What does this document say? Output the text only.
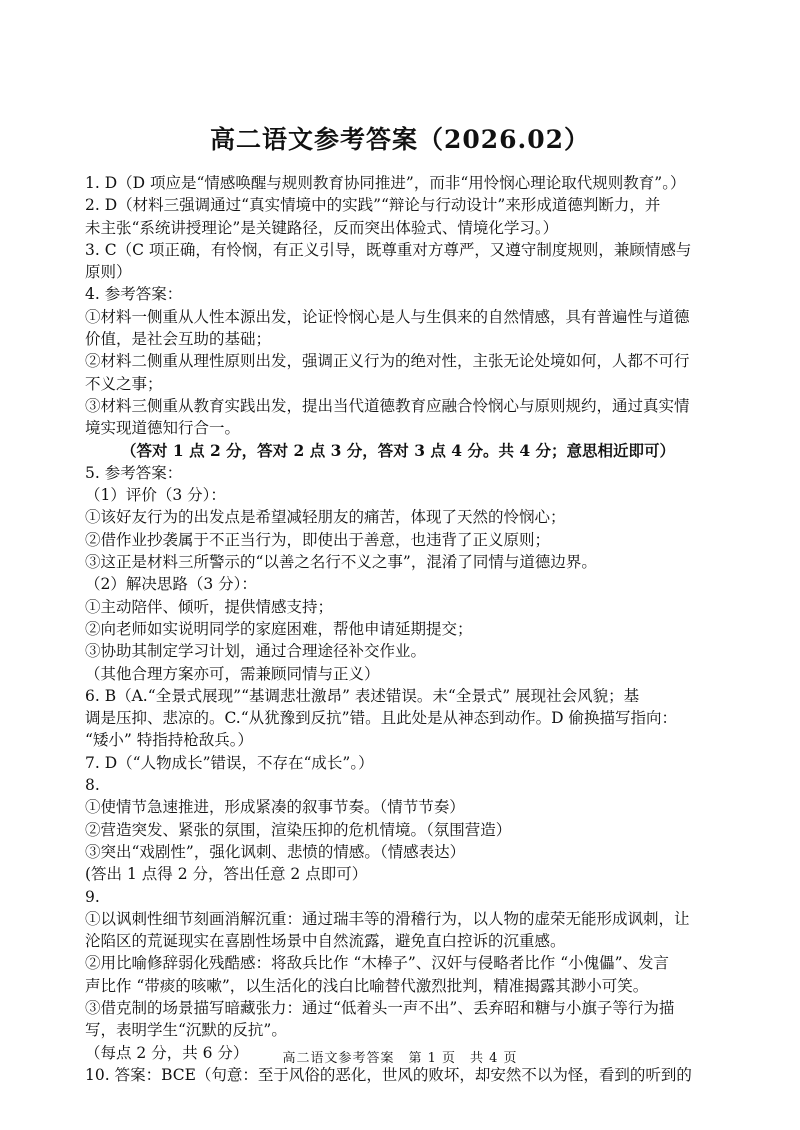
高二语文参考答案（2026.02）
1. D（D 项应是“情感唤醒与规则教育协同推进”，而非“用怜悯心理论取代规则教育”。）
2. D（材料三强调通过“真实情境中的实践”“辩论与行动设计”来形成道德判断力，并
未主张“系统讲授理论”是关键路径，反而突出体验式、情境化学习。）
3. C（C 项正确，有怜悯，有正义引导，既尊重对方尊严，又遵守制度规则，兼顾情感与
原则）
4. 参考答案：
①材料一侧重从人性本源出发，论证怜悯心是人与生俱来的自然情感，具有普遍性与道德
价值，是社会互助的基础；
②材料二侧重从理性原则出发，强调正义行为的绝对性，主张无论处境如何，人都不可行
不义之事；
③材料三侧重从教育实践出发，提出当代道德教育应融合怜悯心与原则规约，通过真实情
境实现道德知行合一。
（答对 1 点 2 分，答对 2 点 3 分，答对 3 点 4 分。共 4 分；意思相近即可）
5. 参考答案：
（1）评价（3 分）：
①该好友行为的出发点是希望减轻朋友的痛苦，体现了天然的怜悯心；
②借作业抄袭属于不正当行为，即使出于善意，也违背了正义原则；
③这正是材料三所警示的“以善之名行不义之事”，混淆了同情与道德边界。
（2）解决思路（3 分）：
①主动陪伴、倾听，提供情感支持；
②向老师如实说明同学的家庭困难，帮他申请延期提交；
③协助其制定学习计划，通过合理途径补交作业。
（其他合理方案亦可，需兼顾同情与正义）
6. B（A.“全景式展现”“基调悲壮激昂” 表述错误。未“全景式” 展现社会风貌；基
调是压抑、悲凉的。C.“从犹豫到反抗”错。且此处是从神态到动作。D 偷换描写指向：
“矮小” 特指持枪敌兵。）
7. D（“人物成长”错误，不存在“成长”。）
8.
①使情节急速推进，形成紧凑的叙事节奏。（情节节奏）
②营造突发、紧张的氛围，渲染压抑的危机情境。（氛围营造）
③突出“戏剧性”，强化讽刺、悲愤的情感。（情感表达）
(答出 1 点得 2 分，答出任意 2 点即可）
9.
①以讽刺性细节刻画消解沉重：通过瑞丰等的滑稽行为，以人物的虚荣无能形成讽刺，让
沦陷区的荒诞现实在喜剧性场景中自然流露，避免直白控诉的沉重感。
②用比喻修辞弱化残酷感：将敌兵比作 “木棒子”、汉奸与侵略者比作 “小傀儡”、发言
声比作 “带痰的咳嗽”，以生活化的浅白比喻替代激烈批判，精准揭露其渺小可笑。
③借克制的场景描写暗藏张力：通过“低着头一声不出”、丢弃昭和糖与小旗子等行为描
写，表明学生“沉默的反抗”。
（每点 2 分，共 6 分）
10. 答案：BCE（句意：至于风俗的恶化，世风的败坏，却安然不以为怪，看到的听到的
高二语文参考答案　第 1 页　共 4 页
